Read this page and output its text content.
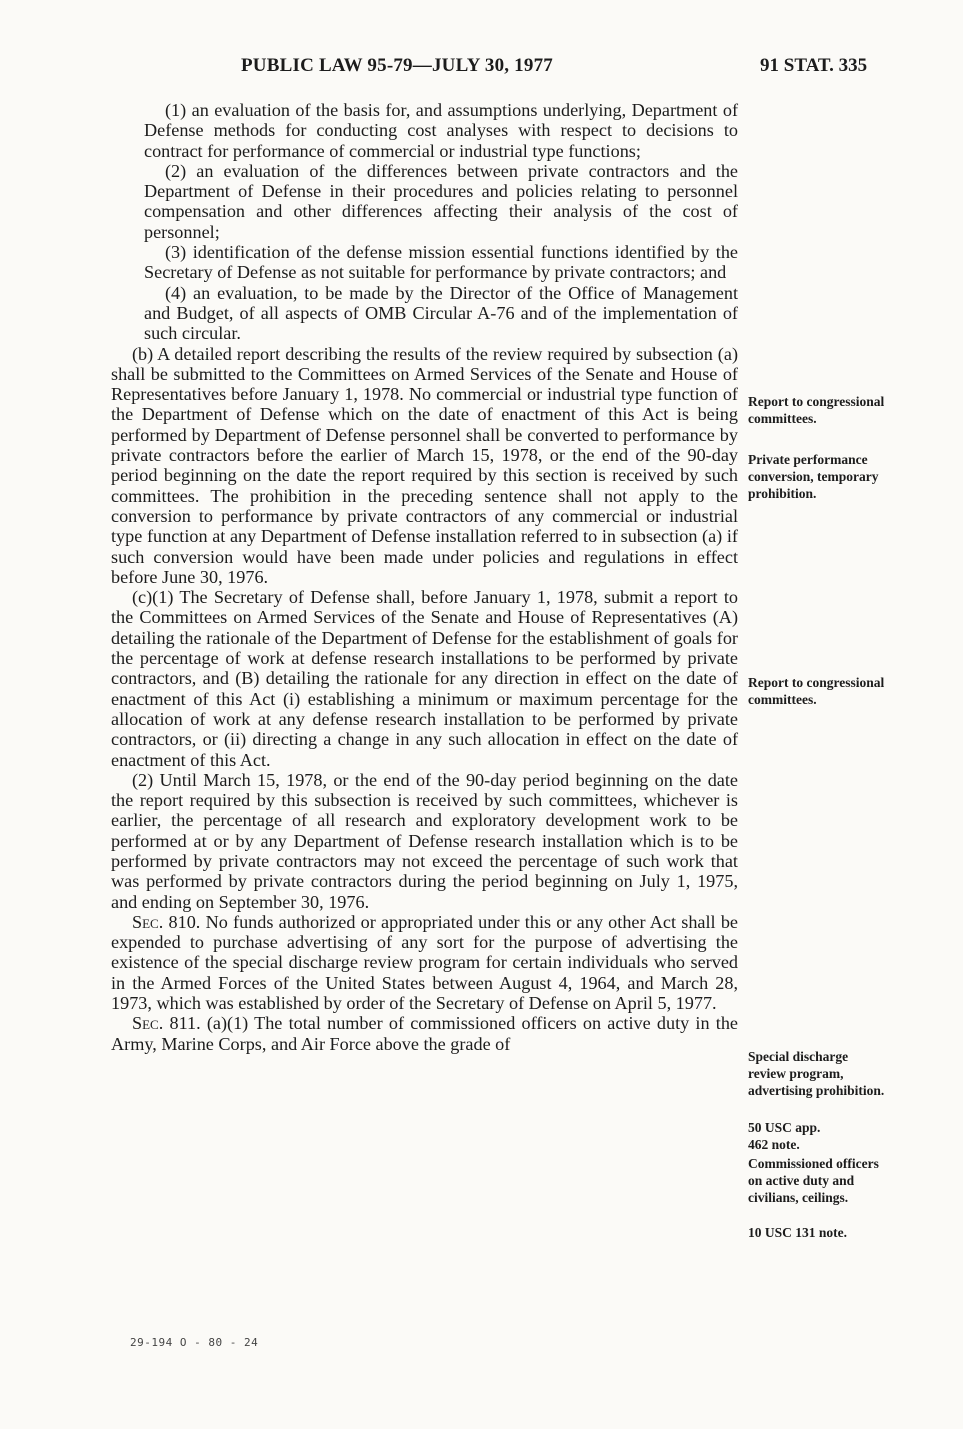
PUBLIC LAW 95-79—JULY 30, 1977	91 STAT. 335

(1) an evaluation of the basis for, and assumptions underlying, Department of Defense methods for conducting cost analyses with respect to decisions to contract for performance of commercial or industrial type functions;

(2) an evaluation of the differences between private contractors and the Department of Defense in their procedures and policies relating to personnel compensation and other differences affecting their analysis of the cost of personnel;

(3) identification of the defense mission essential functions identified by the Secretary of Defense as not suitable for performance by private contractors; and

(4) an evaluation, to be made by the Director of the Office of Management and Budget, of all aspects of OMB Circular A-76 and of the implementation of such circular.

(b) A detailed report describing the results of the review required by subsection (a) shall be submitted to the Committees on Armed Services of the Senate and House of Representatives before January 1, 1978. No commercial or industrial type function of the Department of Defense which on the date of enactment of this Act is being performed by Department of Defense personnel shall be converted to performance by private contractors before the earlier of March 15, 1978, or the end of the 90-day period beginning on the date the report required by this section is received by such committees. The prohibition in the preceding sentence shall not apply to the conversion to performance by private contractors of any commercial or industrial type function at any Department of Defense installation referred to in subsection (a) if such conversion would have been made under policies and regulations in effect before June 30, 1976.

(c)(1) The Secretary of Defense shall, before January 1, 1978, submit a report to the Committees on Armed Services of the Senate and House of Representatives (A) detailing the rationale of the Department of Defense for the establishment of goals for the percentage of work at defense research installations to be performed by private contractors, and (B) detailing the rationale for any direction in effect on the date of enactment of this Act (i) establishing a minimum or maximum percentage for the allocation of work at any defense research installation to be performed by private contractors, or (ii) directing a change in any such allocation in effect on the date of enactment of this Act.

(2) Until March 15, 1978, or the end of the 90-day period beginning on the date the report required by this subsection is received by such committees, whichever is earlier, the percentage of all research and exploratory development work to be performed at or by any Department of Defense research installation which is to be performed by private contractors may not exceed the percentage of such work that was performed by private contractors during the period beginning on July 1, 1975, and ending on September 30, 1976.

Sec. 810. No funds authorized or appropriated under this or any other Act shall be expended to purchase advertising of any sort for the purpose of advertising the existence of the special discharge review program for certain individuals who served in the Armed Forces of the United States between August 4, 1964, and March 28, 1973, which was established by order of the Secretary of Defense on April 5, 1977.

Sec. 811. (a)(1) The total number of commissioned officers on active duty in the Army, Marine Corps, and Air Force above the grade of

Report to congressional committees.
Private performance conversion, temporary prohibition.
Report to congressional committees.
Special discharge review program, advertising prohibition.
50 USC app. 462 note.
Commissioned officers on active duty and civilians, ceilings.
10 USC 131 note.
29-194 O - 80 - 24
